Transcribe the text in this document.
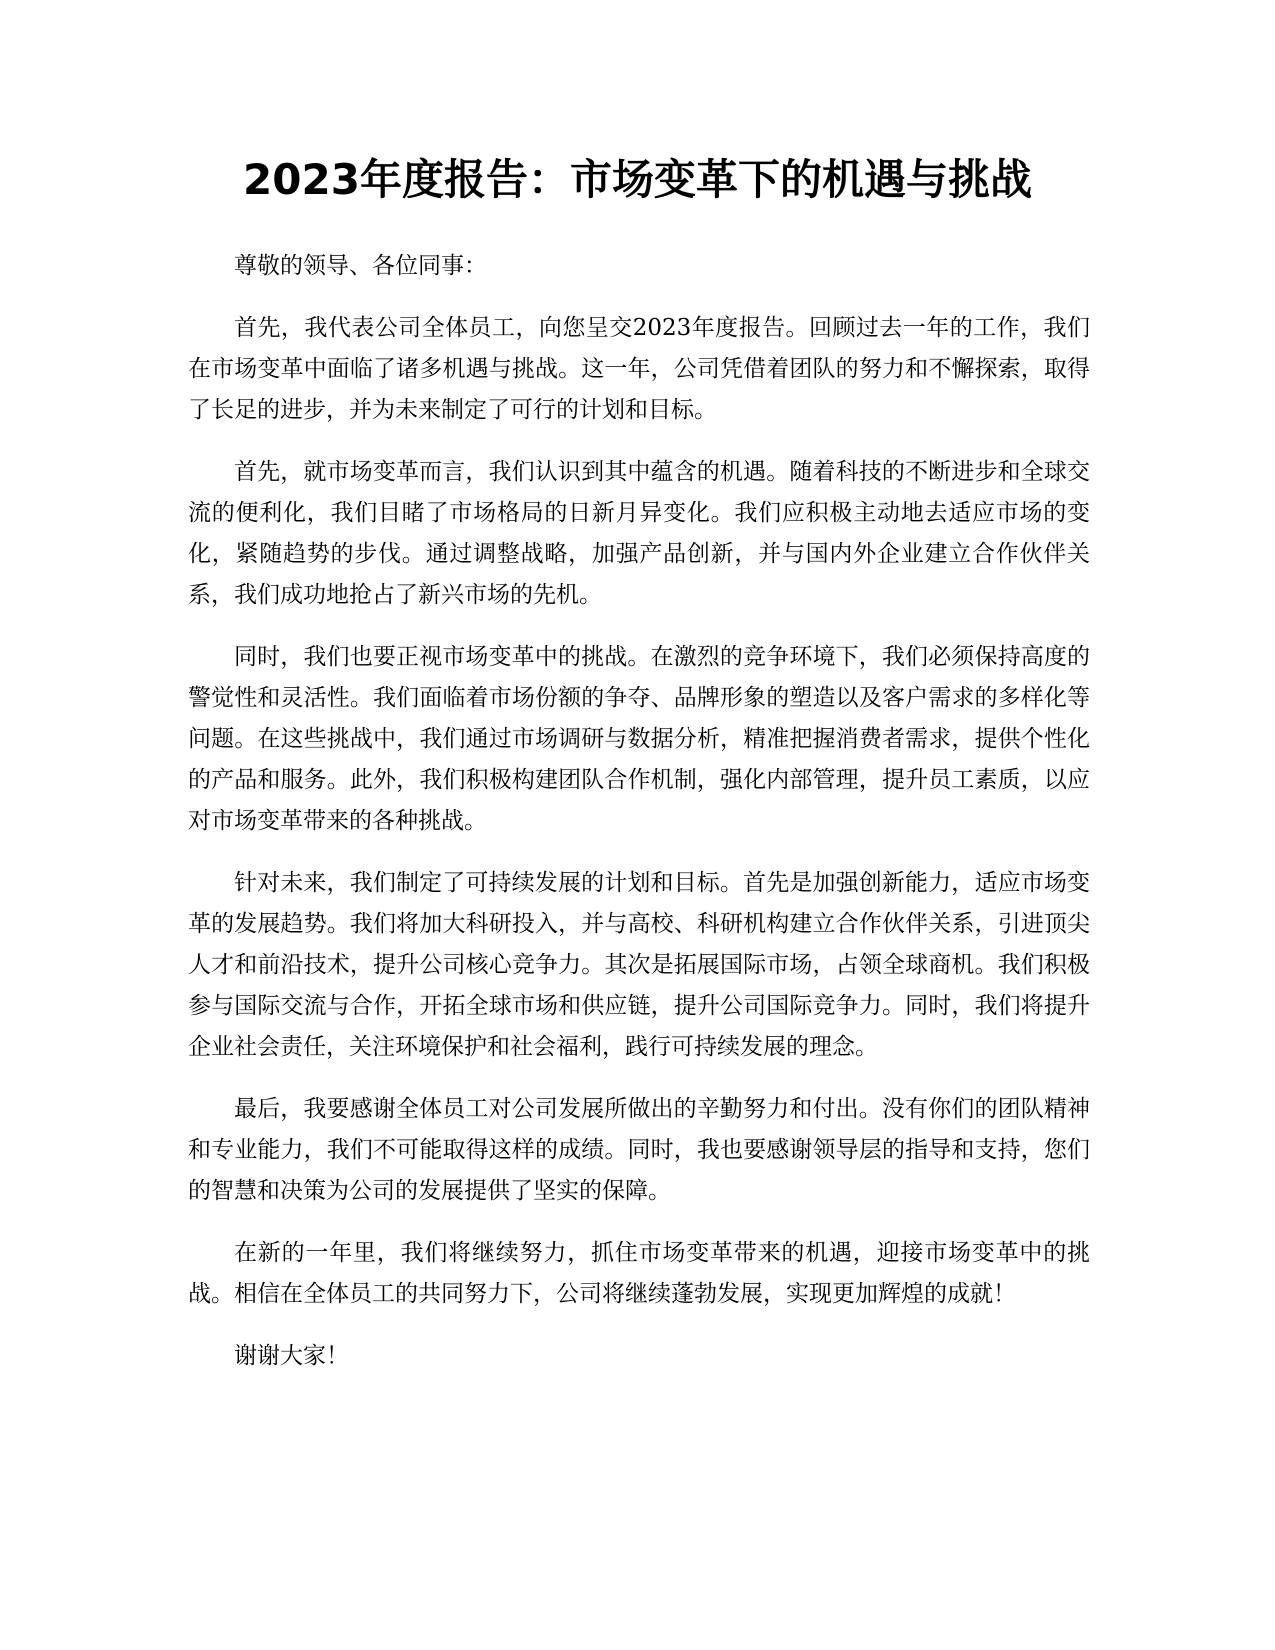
2023年度报告：市场变革下的机遇与挑战

尊敬的领导、各位同事：

首先，我代表公司全体员工，向您呈交2023年度报告。回顾过去一年的工作，我们在市场变革中面临了诸多机遇与挑战。这一年，公司凭借着团队的努力和不懈探索，取得了长足的进步，并为未来制定了可行的计划和目标。

首先，就市场变革而言，我们认识到其中蕴含的机遇。随着科技的不断进步和全球交流的便利化，我们目睹了市场格局的日新月异变化。我们应积极主动地去适应市场的变化，紧随趋势的步伐。通过调整战略，加强产品创新，并与国内外企业建立合作伙伴关系，我们成功地抢占了新兴市场的先机。

同时，我们也要正视市场变革中的挑战。在激烈的竞争环境下，我们必须保持高度的警觉性和灵活性。我们面临着市场份额的争夺、品牌形象的塑造以及客户需求的多样化等问题。在这些挑战中，我们通过市场调研与数据分析，精准把握消费者需求，提供个性化的产品和服务。此外，我们积极构建团队合作机制，强化内部管理，提升员工素质，以应对市场变革带来的各种挑战。

针对未来，我们制定了可持续发展的计划和目标。首先是加强创新能力，适应市场变革的发展趋势。我们将加大科研投入，并与高校、科研机构建立合作伙伴关系，引进顶尖人才和前沿技术，提升公司核心竞争力。其次是拓展国际市场，占领全球商机。我们积极参与国际交流与合作，开拓全球市场和供应链，提升公司国际竞争力。同时，我们将提升企业社会责任，关注环境保护和社会福利，践行可持续发展的理念。

最后，我要感谢全体员工对公司发展所做出的辛勤努力和付出。没有你们的团队精神和专业能力，我们不可能取得这样的成绩。同时，我也要感谢领导层的指导和支持，您们的智慧和决策为公司的发展提供了坚实的保障。

在新的一年里，我们将继续努力，抓住市场变革带来的机遇，迎接市场变革中的挑战。相信在全体员工的共同努力下，公司将继续蓬勃发展，实现更加辉煌的成就！

谢谢大家！
